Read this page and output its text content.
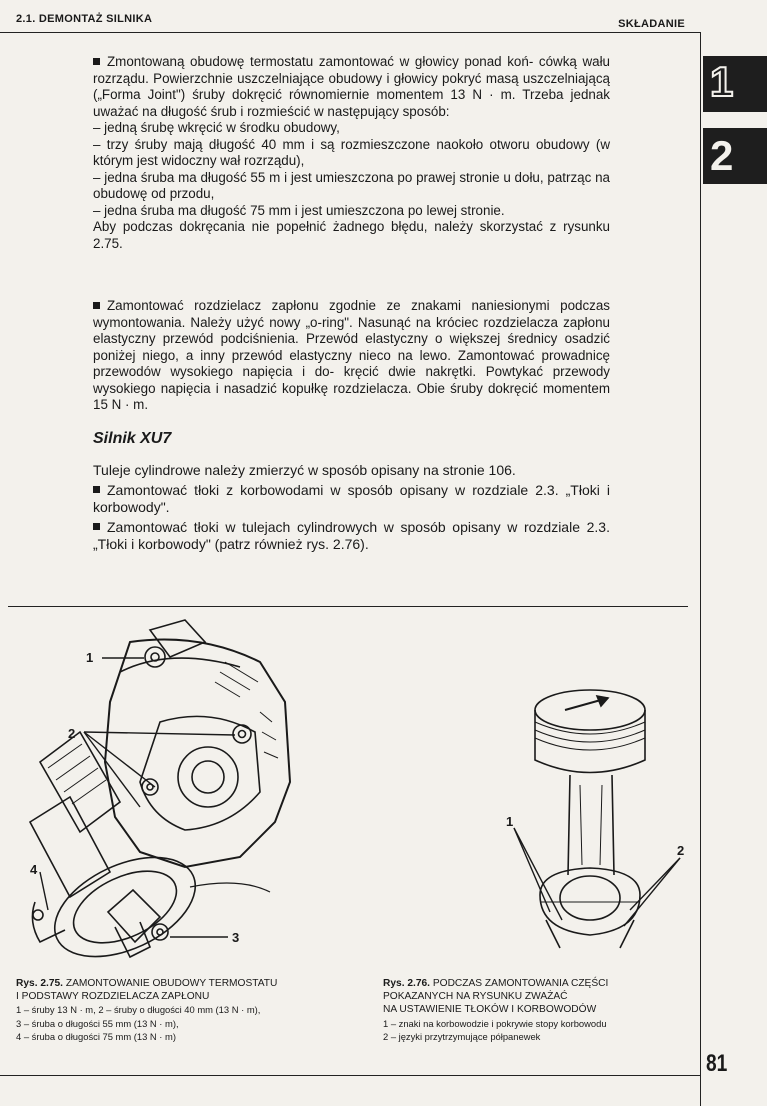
2.1. DEMONTAŻ SILNIKA	SKŁADANIE
1
2

Zmontowaną obudowę termostatu zamontować w głowicy ponad koń- cówką wału rozrządu. Powierzchnie uszczelniające obudowy i głowicy pokryć masą uszczelniającą („Forma Joint") śruby dokręcić równomiernie momentem 13 N · m. Trzeba jednak uważać na długość śrub i rozmieścić w następujący sposób:

– jedną śrubę wkręcić w środku obudowy,

– trzy śruby mają długość 40 mm i są rozmieszczone naokoło otworu obudowy (w którym jest widoczny wał rozrządu),

– jedna śruba ma długość 55 m i jest umieszczona po prawej stronie u dołu, patrząc na obudowę od przodu,

– jedna śruba ma długość 75 mm i jest umieszczona po lewej stronie.

Aby podczas dokręcania nie popełnić żadnego błędu, należy skorzystać z rysunku 2.75.

Zamontować rozdzielacz zapłonu zgodnie ze znakami naniesionymi podczas wymontowania. Należy użyć nowy „o-ring". Nasunąć na króciec rozdzielacza zapłonu elastyczny przewód podciśnienia. Przewód elastyczny o większej średnicy osadzić poniżej niego, a inny przewód elastyczny nieco na lewo. Zamontować prowadnicę przewodów wysokiego napięcia i do- kręcić dwie nakrętki. Powtykać przewody wysokiego napięcia i nasadzić kopułkę rozdzielacza. Obie śruby dokręcić momentem 15 N · m.

Silnik XU7

Tuleje cylindrowe należy zmierzyć w sposób opisany na stronie 106.

Zamontować tłoki z korbowodami w sposób opisany w rozdziale 2.3. „Tłoki i korbowody".

Zamontować tłoki w tulejach cylindrowych w sposób opisany w rozdziale 2.3. „Tłoki i korbowody" (patrz również rys. 2.76).

1
2
3
4
1
2
Rys. 2.75. ZAMONTOWANIE OBUDOWY TERMOSTATU
I PODSTAWY ROZDZIELACZA ZAPŁONU
1 – śruby 13 N · m, 2 – śruby o długości 40 mm (13 N · m),
3 – śruba o długości 55 mm (13 N · m),
4 – śruba o długości 75 mm (13 N · m)
Rys. 2.76. PODCZAS ZAMONTOWANIA CZĘŚCI
POKAZANYCH NA RYSUNKU ZWAŻAĆ
NA USTAWIENIE TŁOKÓW I KORBOWODÓW
1 – znaki na korbowodzie i pokrywie stopy korbowodu
2 – języki przytrzymujące półpanewek
81
